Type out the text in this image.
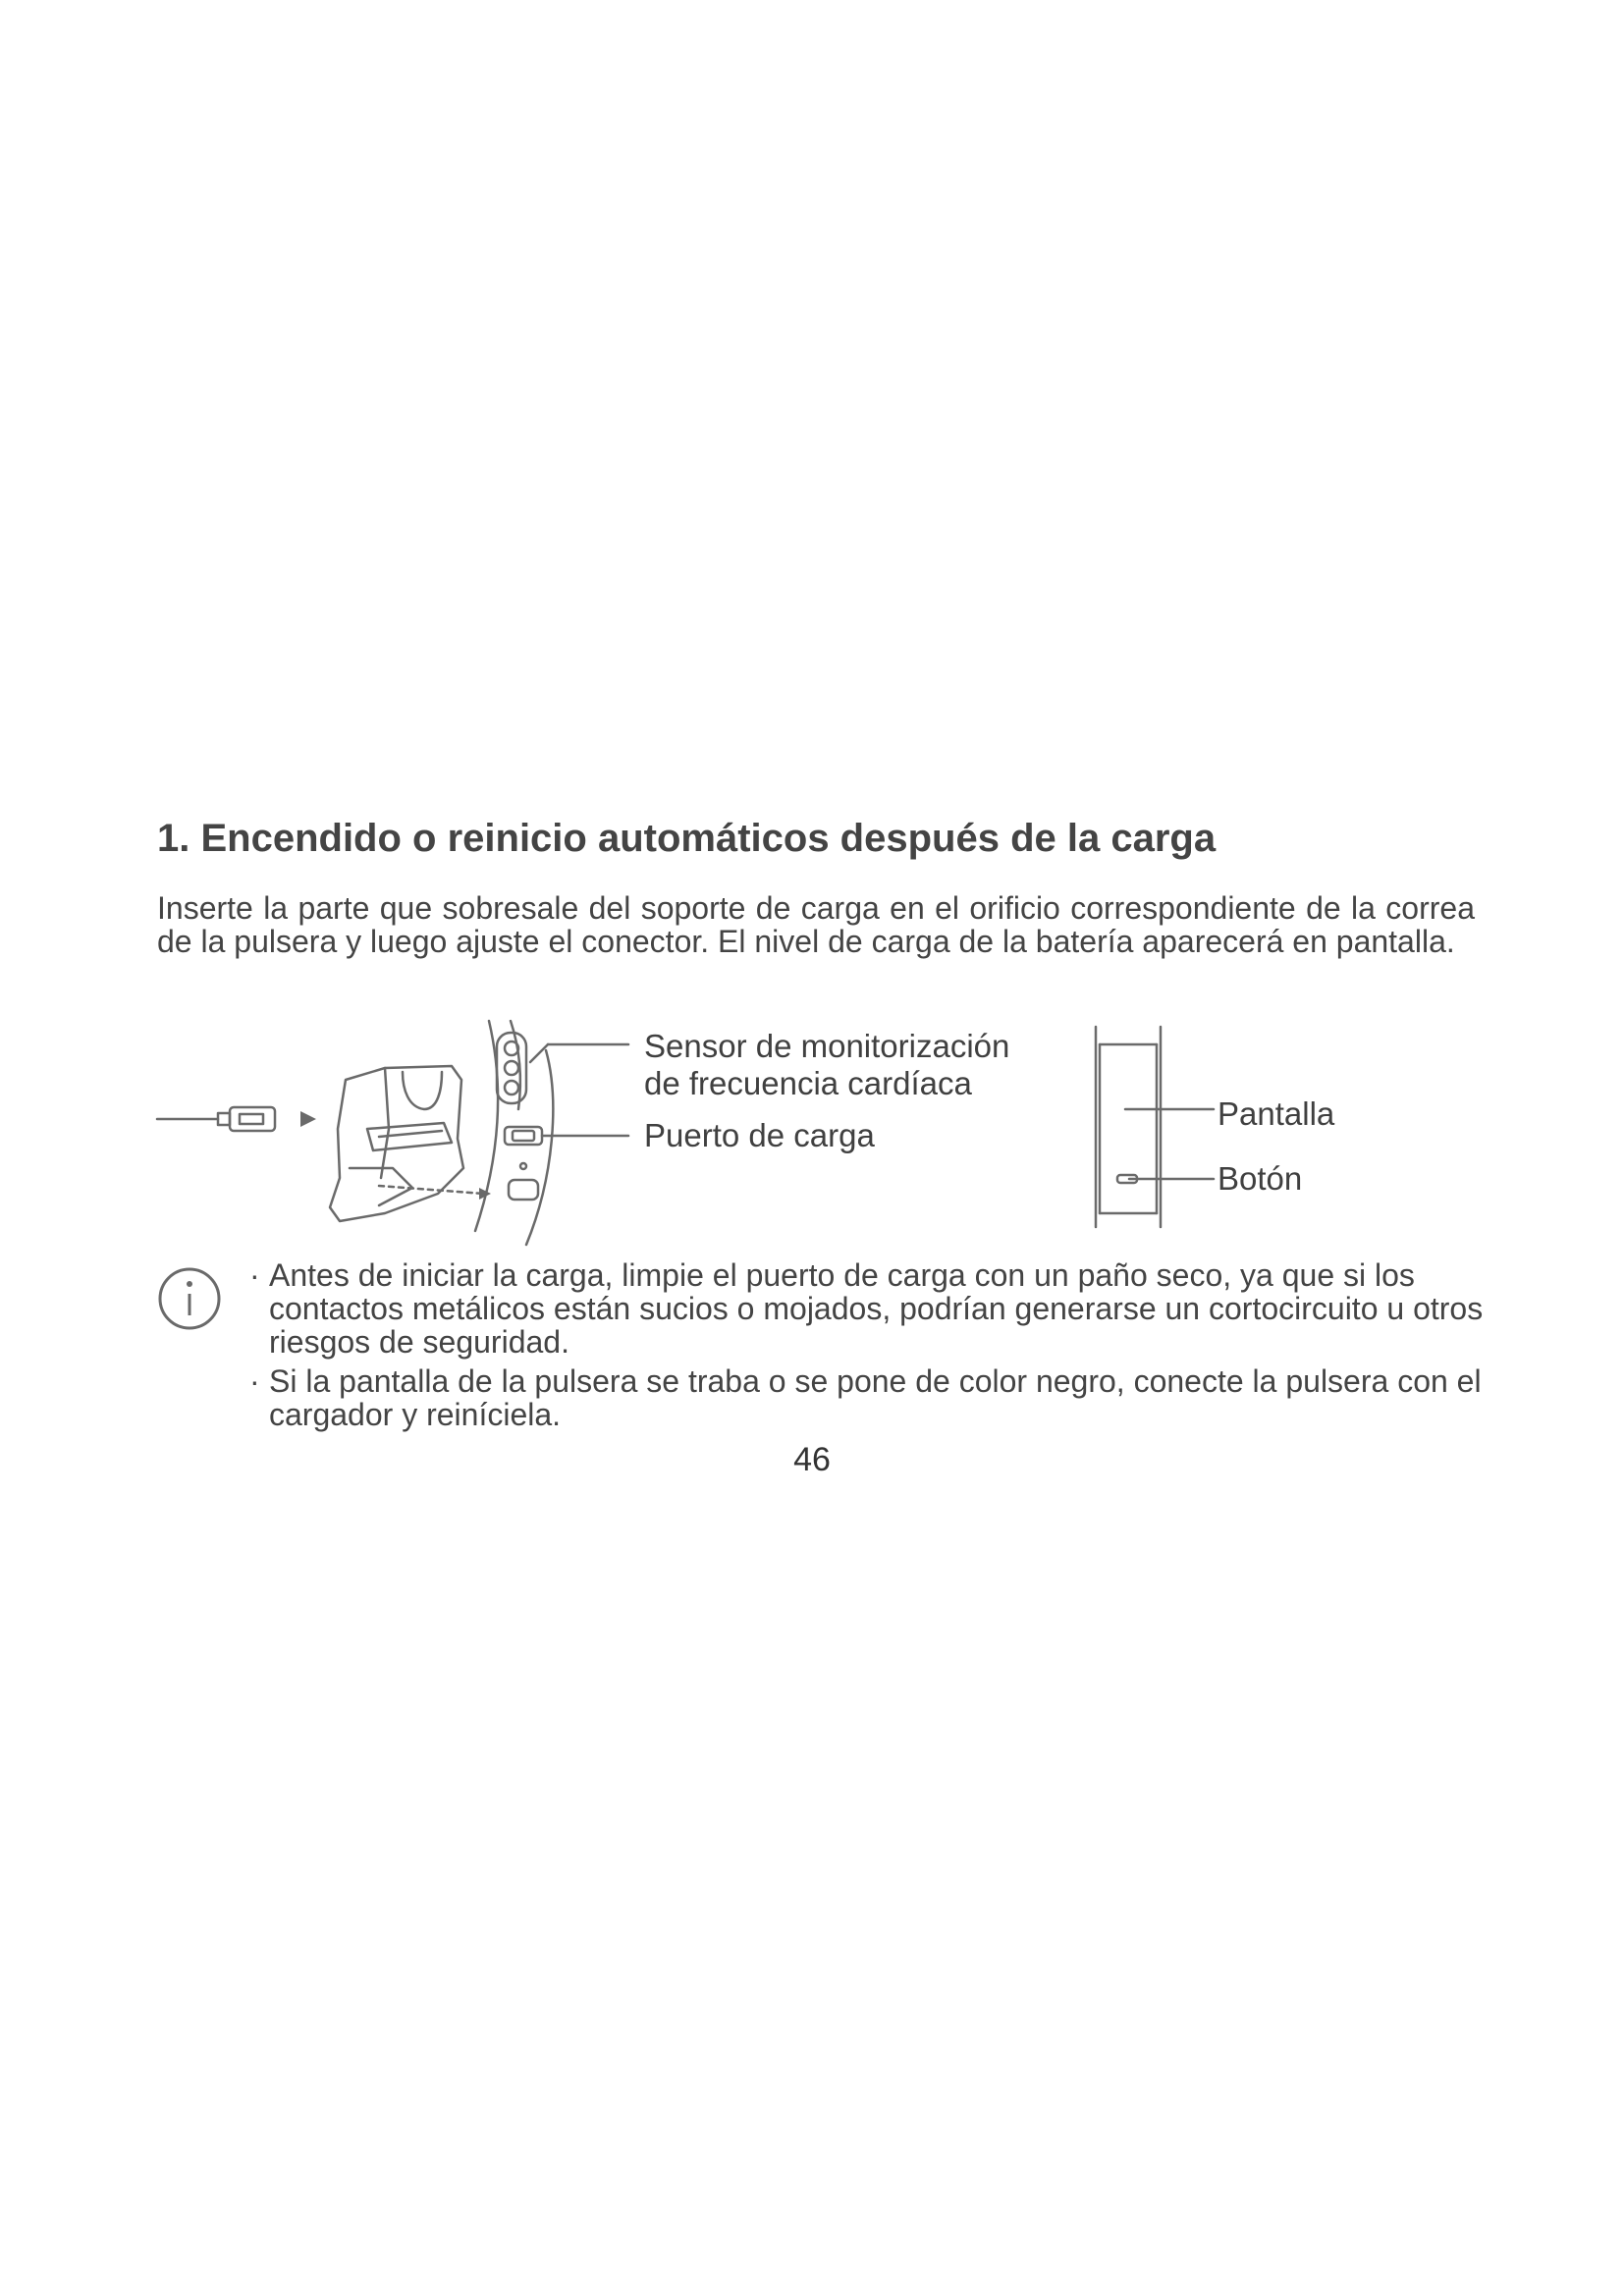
1. Encendido o reinicio automáticos después de la carga

Inserte la parte que sobresale del soporte de carga en el orificio correspondiente de la correa de la pulsera y luego ajuste el conector. El nivel de carga de la batería aparecerá en pantalla.

Sensor de monitorización
de frecuencia cardíaca
Puerto de carga
Pantalla
Botón
· Antes de iniciar la carga, limpie el puerto de carga con un paño seco, ya que si los contactos metálicos están sucios o mojados, podrían generarse un cortocircuito u otros riesgos de seguridad.
· Si la pantalla de la pulsera se traba o se pone de color negro, conecte la pulsera con el cargador y reiníciela.
46
